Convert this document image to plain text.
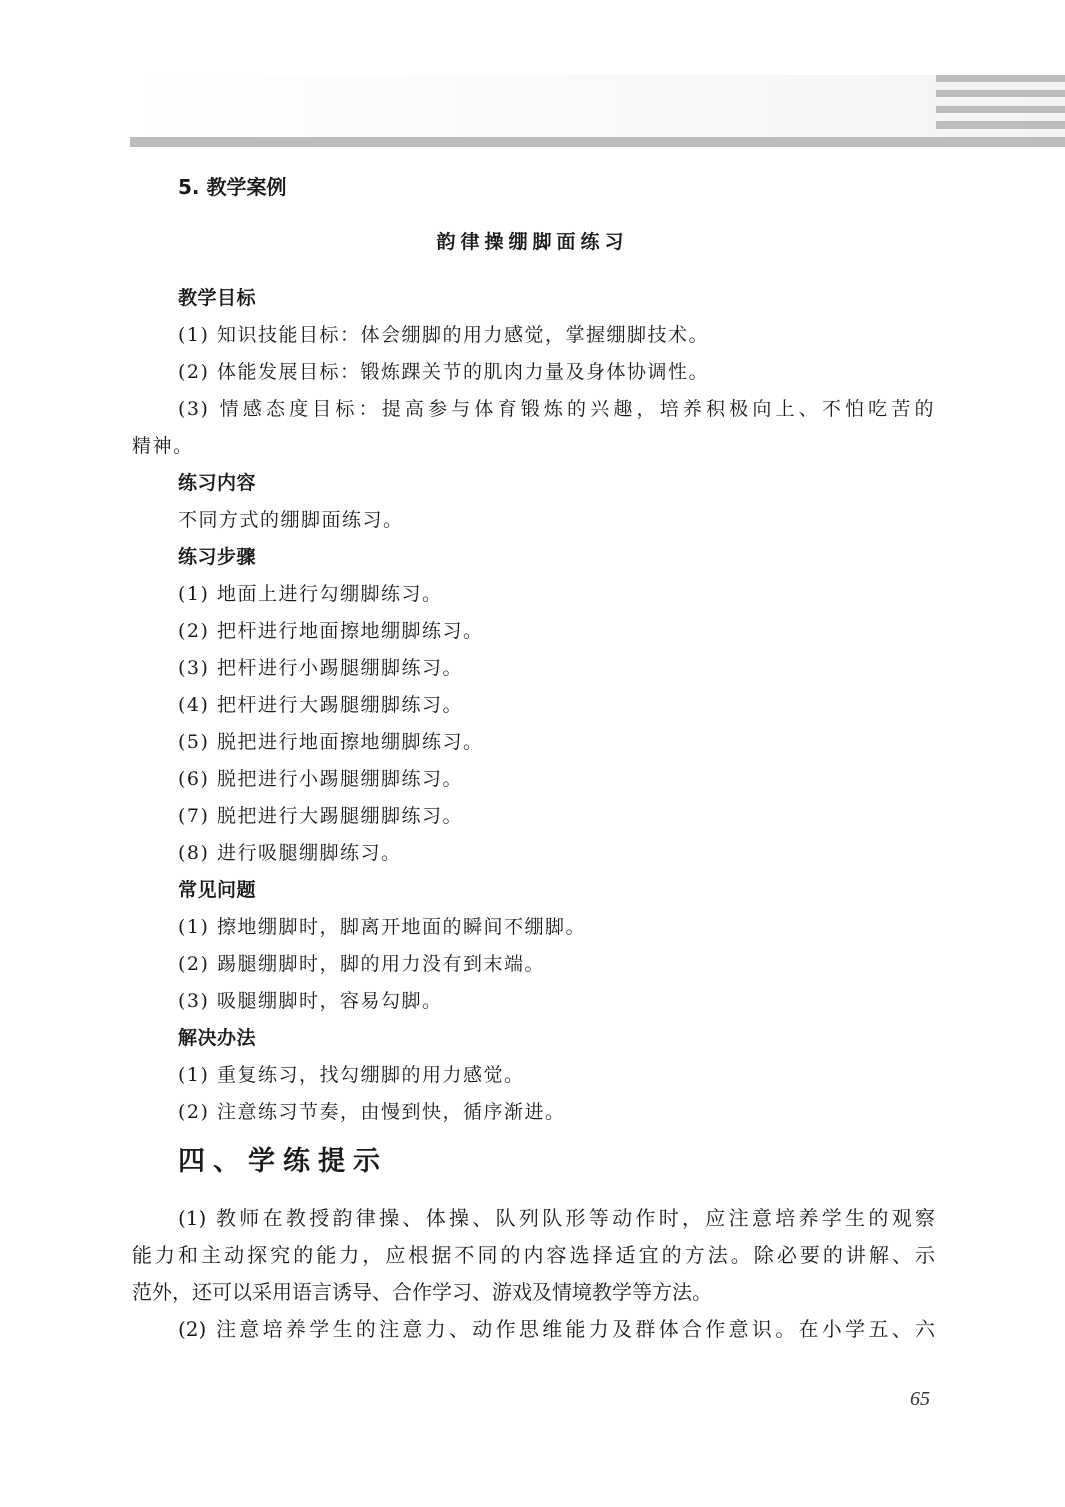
5. 教学案例
韵律操绷脚面练习
教学目标
(1) 知识技能目标：体会绷脚的用力感觉，掌握绷脚技术。
(2) 体能发展目标：锻炼踝关节的肌肉力量及身体协调性。
(3) 情感态度目标：提高参与体育锻炼的兴趣，培养积极向上、不怕吃苦的
精神。
练习内容
不同方式的绷脚面练习。
练习步骤
(1) 地面上进行勾绷脚练习。
(2) 把杆进行地面擦地绷脚练习。
(3) 把杆进行小踢腿绷脚练习。
(4) 把杆进行大踢腿绷脚练习。
(5) 脱把进行地面擦地绷脚练习。
(6) 脱把进行小踢腿绷脚练习。
(7) 脱把进行大踢腿绷脚练习。
(8) 进行吸腿绷脚练习。
常见问题
(1) 擦地绷脚时，脚离开地面的瞬间不绷脚。
(2) 踢腿绷脚时，脚的用力没有到末端。
(3) 吸腿绷脚时，容易勾脚。
解决办法
(1) 重复练习，找勾绷脚的用力感觉。
(2) 注意练习节奏，由慢到快，循序渐进。
四、学练提示
(1) 教师在教授韵律操、体操、队列队形等动作时，应注意培养学生的观察
能力和主动探究的能力，应根据不同的内容选择适宜的方法。除必要的讲解、示
范外，还可以采用语言诱导、合作学习、游戏及情境教学等方法。
(2) 注意培养学生的注意力、动作思维能力及群体合作意识。在小学五、六
65
